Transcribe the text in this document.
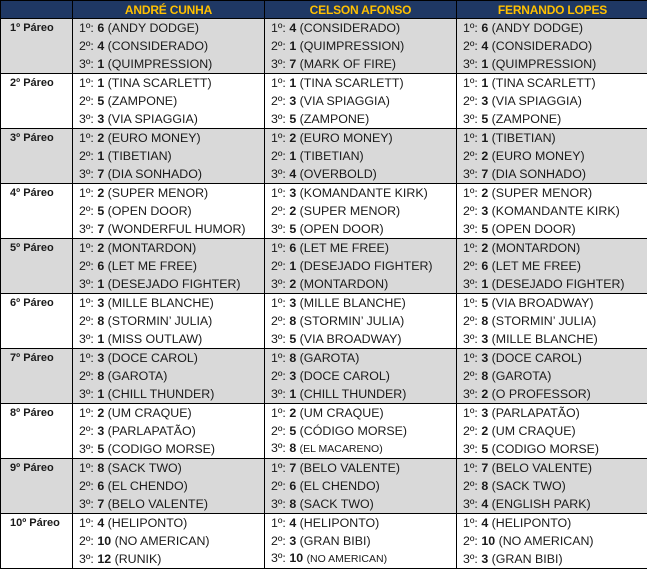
	ANDRÉ CUNHA	CELSON AFONSO	FERNANDO LOPES
1º Páreo	1º: 6 (ANDY DODGE)	1º: 4 (CONSIDERADO)	1º: 6 (ANDY DODGE)
	2º: 4 (CONSIDERADO)	2º: 1 (QUIMPRESSION)	2º: 4 (CONSIDERADO)
	3º: 1 (QUIMPRESSION)	3º: 7 (MARK OF FIRE)	3º: 1 (QUIMPRESSION)
2º Páreo	1º: 1 (TINA SCARLETT)	1º: 1 (TINA SCARLETT)	1º: 1 (TINA SCARLETT)
	2º: 5 (ZAMPONE)	2º: 3 (VIA SPIAGGIA)	2º: 3 (VIA SPIAGGIA)
	3º: 3 (VIA SPIAGGIA)	3º: 5 (ZAMPONE)	3º: 5 (ZAMPONE)
3º Páreo	1º: 2 (EURO MONEY)	1º: 2 (EURO MONEY)	1º: 1 (TIBETIAN)
	2º: 1 (TIBETIAN)	2º: 1 (TIBETIAN)	2º: 2 (EURO MONEY)
	3º: 7 (DIA SONHADO)	3º: 4 (OVERBOLD)	3º: 7 (DIA SONHADO)
4º Páreo	1º: 2 (SUPER MENOR)	1º: 3 (KOMANDANTE KIRK)	1º: 2 (SUPER MENOR)
	2º: 5 (OPEN DOOR)	2º: 2 (SUPER MENOR)	2º: 3 (KOMANDANTE KIRK)
	3º: 7 (WONDERFUL HUMOR)	3º: 5 (OPEN DOOR)	3º: 5 (OPEN DOOR)
5º Páreo	1º: 2 (MONTARDON)	1º: 6 (LET ME FREE)	1º: 2 (MONTARDON)
	2º: 6 (LET ME FREE)	2º: 1 (DESEJADO FIGHTER)	2º: 6 (LET ME FREE)
	3º: 1 (DESEJADO FIGHTER)	3º: 2 (MONTARDON)	3º: 1 (DESEJADO FIGHTER)
6º Páreo	1º: 3 (MILLE BLANCHE)	1º: 3 (MILLE BLANCHE)	1º: 5 (VIA BROADWAY)
	2º: 8 (STORMIN’ JULIA)	2º: 8 (STORMIN’ JULIA)	2º: 8 (STORMIN’ JULIA)
	3º: 1 (MISS OUTLAW)	3º: 5 (VIA BROADWAY)	3º: 3 (MILLE BLANCHE)
7º Páreo	1º: 3 (DOCE CAROL)	1º: 8 (GAROTA)	1º: 3 (DOCE CAROL)
	2º: 8 (GAROTA)	2º: 3 (DOCE CAROL)	2º: 8 (GAROTA)
	3º: 1 (CHILL THUNDER)	3º: 1 (CHILL THUNDER)	3º: 2 (O PROFESSOR)
8º Páreo	1º: 2 (UM CRAQUE)	1º: 2 (UM CRAQUE)	1º: 3 (PARLAPATÃO)
	2º: 3 (PARLAPATÃO)	2º: 5 (CÓDIGO MORSE)	2º: 2 (UM CRAQUE)
	3º: 5 (CODIGO MORSE)	3º: 8 (EL MACARENO)	3º: 5 (CODIGO MORSE)
9º Páreo	1º: 8 (SACK TWO)	1º: 7 (BELO VALENTE)	1º: 7 (BELO VALENTE)
	2º: 6 (EL CHENDO)	2º: 6 (EL CHENDO)	2º: 8 (SACK TWO)
	3º: 7 (BELO VALENTE)	3º: 8 (SACK TWO)	3º: 4 (ENGLISH PARK)
10º Páreo	1º: 4 (HELIPONTO)	1º: 4 (HELIPONTO)	1º: 4 (HELIPONTO)
	2º: 10 (NO AMERICAN)	2º: 3 (GRAN BIBI)	2º: 10 (NO AMERICAN)
	3º: 12 (RUNIK)	3º: 10 (NO AMERICAN)	3º: 3 (GRAN BIBI)
